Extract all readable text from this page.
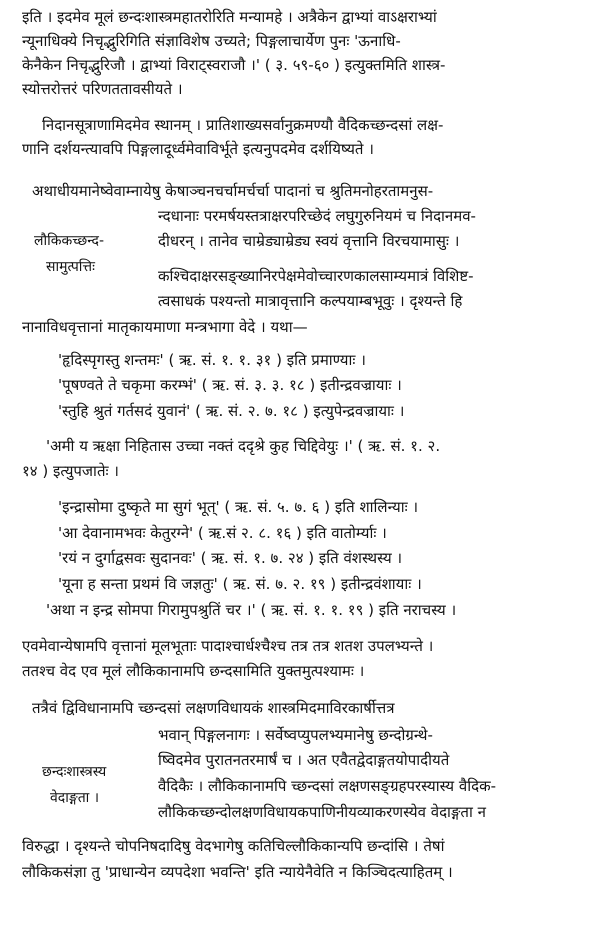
इति । इदमेव मूलं छन्दःशास्त्रमहातरोरिति मन्यामहे । अत्रैकेन द्वाभ्यां वाऽक्षराभ्यां
न्यूनाधिक्ये निचृद्भुरिगिति संज्ञाविशेष उच्यते; पिङ्गलाचार्येण पुनः 'ऊनाधि-
केनैकेन निचृद्भुरिजौ । द्वाभ्यां विराट्स्वराजौ ।' ( ३. ५९-६० ) इत्युक्तमिति शास्त्र-
स्योत्तरोत्तरं परिणततावसीयते ।
निदानसूत्राणामिदमेव स्थानम् । प्रातिशाख्यसर्वानुक्रमण्यौ वैदिकच्छन्दसां लक्ष-
णानि दर्शयन्त्यावपि पिङ्गलादूर्ध्वमेवाविर्भूते इत्यनुपदमेव दर्शयिष्यते ।
अथाधीयमानेष्वेवाम्नायेषु केषाञ्चनचर्चामर्चर्चा पादानां च श्रुतिमनोहरतामनुस-
न्दधानाः परमर्षयस्तत्राक्षरपरिच्छेदं लघुगुरुनियमं च निदानमव-
दीधरन् । तानेव चाम्रेड्याम्रेड्य स्वयं वृत्तानि विरचयामासुः ।
कश्चिदाक्षरसङ्ख्यानिरपेक्षमेवोच्चारणकालसाम्यमात्रं विशिष्ट-
त्वसाधकं पश्यन्तो मात्रावृत्तानि कल्पयाम्बभूवुः । दृश्यन्ते हि
नानाविधवृत्तानां मातृकायमाणा मन्त्रभागा वेदे । यथा—
लौकिकच्छन्द-
सामुत्पत्तिः
'हृदिस्पृगस्तु शन्तमः' ( ऋ. सं. १. १. ३१ ) इति प्रमाण्याः ।
'पूषण्वते ते चकृमा करम्भं' ( ऋ. सं. ३. ३. १८ ) इतीन्द्रवज्रायाः ।
'स्तुहि श्रुतं गर्तसदं युवानं' ( ऋ. सं. २. ७. १८ ) इत्युपेन्द्रवज्रायाः ।
'अमी य ऋक्षा निहितास उच्चा नक्तं ददृश्रे कुह चिद्दिवेयुः ।' ( ऋ. सं. १. २.
१४ ) इत्युपजातेः ।
'इन्द्रासोमा दुष्कृते मा सुगं भूत्' ( ऋ. सं. ५. ७. ६ ) इति शालिन्याः ।
'आ देवानामभवः केतुरग्ने' ( ऋ.सं २. ८. १६ ) इति वातोर्म्याः ।
'रयं न दुर्गाद्वसवः सुदानवः' ( ऋ. सं. १. ७. २४ ) इति वंशस्थस्य ।
'यूना ह सन्ता प्रथमं वि जज्ञतुः' ( ऋ. सं. ७. २. १९ ) इतीन्द्रवंशायाः ।
'अथा न इन्द्र सोमपा गिरामुपश्रुतिं चर ।' ( ऋ. सं. १. १. १९ ) इति नराचस्य ।
एवमेवान्येषामपि वृत्तानां मूलभूताः पादाश्चार्धश्चैश्च तत्र तत्र शतश उपलभ्यन्ते ।
ततश्च वेद एव मूलं लौकिकानामपि छन्दसामिति युक्तमुत्पश्यामः ।
तत्रैवं द्विविधानामपि च्छन्दसां लक्षणविधायकं शास्त्रमिदमाविरकार्षीत्तत्र
भवान् पिङ्गलनागः । सर्वेष्वप्युपलभ्यमानेषु छन्दोग्रन्थे-
ष्विदमेव पुरातनतरमार्षं च । अत एवैतद्वेदाङ्गतयोपादीयते
वैदिकैः । लौकिकानामपि च्छन्दसां लक्षणसङ्ग्रहपरस्यास्य वैदिक-
लौकिकच्छन्दोलक्षणविधायकपाणिनीयव्याकरणस्येव वेदाङ्गता न
विरुद्धा । दृश्यन्ते चोपनिषदादिषु वेदभागेषु कतिचिल्लौकिकान्यपि छन्दांसि । तेषां
लौकिकसंज्ञा तु 'प्राधान्येन व्यपदेशा भवन्ति' इति न्यायेनैवेति न किञ्चिदत्याहितम् ।
छन्दःशास्त्रस्य
वेदाङ्गता ।
